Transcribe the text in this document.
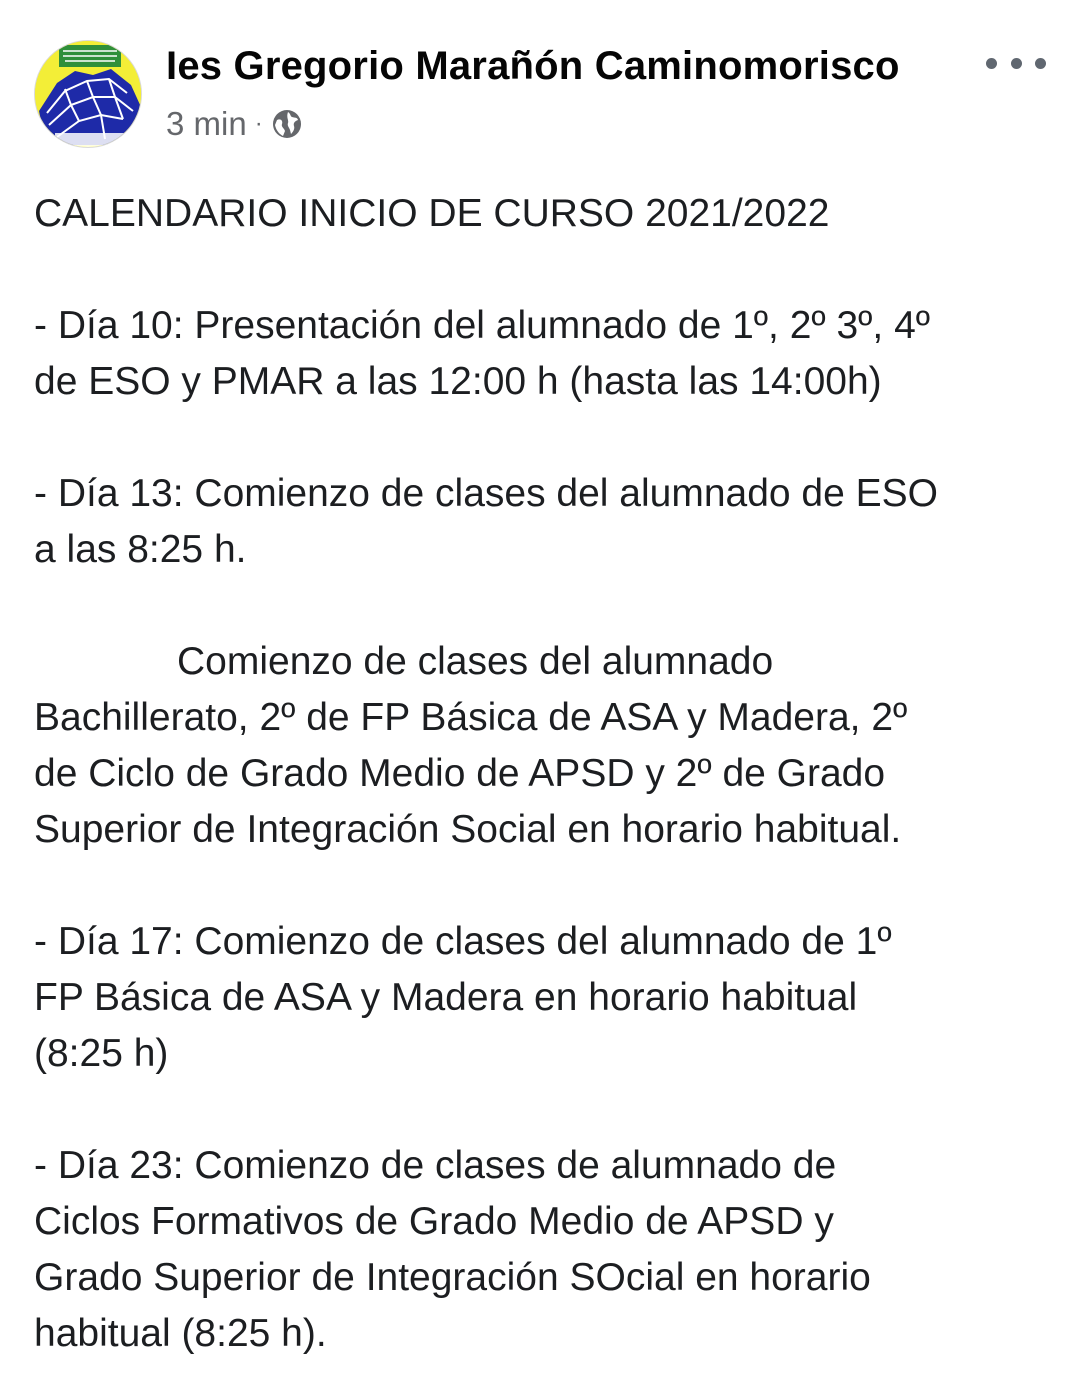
Ies Gregorio Marañón Caminomorisco
3 min ·
CALENDARIO INICIO DE CURSO 2021/2022
- Día 10: Presentación del alumnado de 1º, 2º 3º, 4º
de ESO y PMAR a las 12:00 h (hasta las 14:00h)
- Día 13: Comienzo de clases del alumnado de ESO
a las 8:25 h.
Comienzo de clases del alumnado
Bachillerato, 2º de FP Básica de ASA y Madera, 2º
de Ciclo de Grado Medio de APSD y 2º de Grado
Superior de Integración Social en horario habitual.
- Día 17: Comienzo de clases del alumnado de 1º
FP Básica de ASA y Madera en horario habitual
(8:25 h)
- Día 23: Comienzo de clases de alumnado de
Ciclos Formativos de Grado Medio de APSD y
Grado Superior de Integración SOcial en horario
habitual (8:25 h).
